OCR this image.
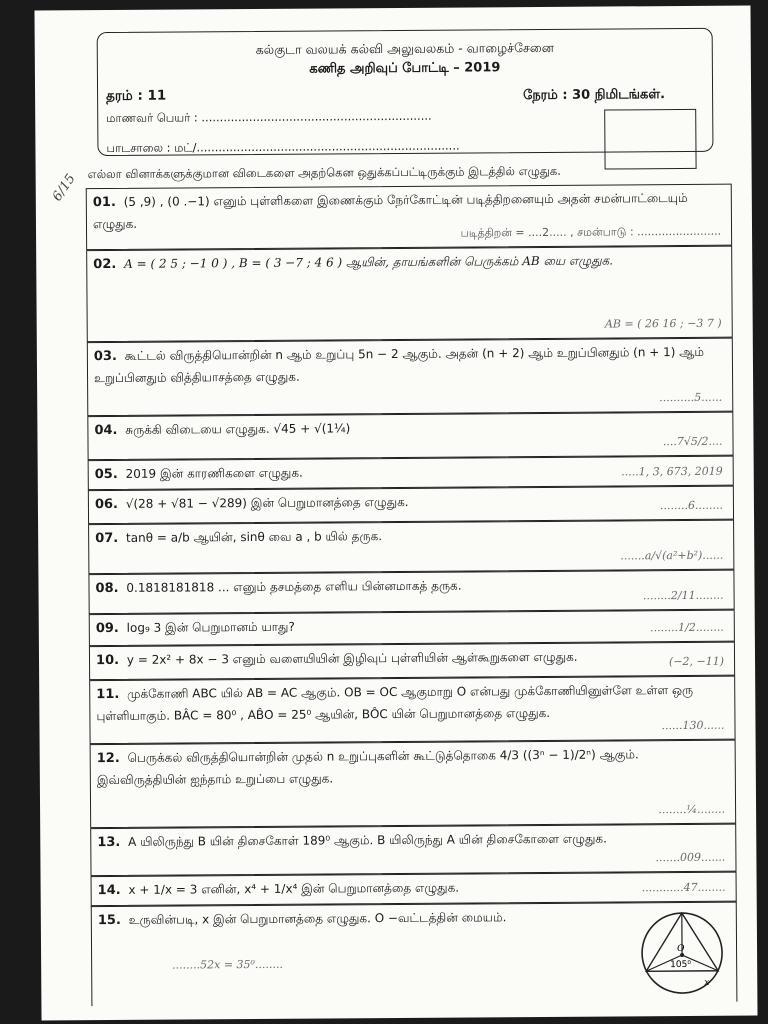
கல்குடா வலயக் கல்வி அலுவலகம் - வாழைச்சேனை
கணித அறிவுப் போட்டி – 2019
தரம் : 11	நேரம் : 30 நிமிடங்கள்.
மாணவர் பெயர் : ...............................................................
பாடசாலை : மட்/........................................................................
6/15 எல்லா வினாக்களுக்குமான விடைகளை அதற்கென ஒதுக்கப்பட்டிருக்கும் இடத்தில் எழுதுக.
01. (5 ,9) , (0 .−1) எனும் புள்ளிகளை இணைக்கும் நேர்கோட்டின் படித்திறனையும் அதன் சமன்பாட்டையும் எழுதுக.
படித்திறன் = ....2..... , சமன்பாடு : ........................
02. A = ( 2 5 ; −1 0 ) , B = ( 3 −7 ; 4 6 ) ஆயின், தாயங்களின் பெருக்கம் AB யை எழுதுக.
AB = ( 26 16 ; −3 7 )
03. கூட்டல் விருத்தியொன்றின் n ஆம் உறுப்பு 5n − 2 ஆகும். அதன் (n + 2) ஆம் உறுப்பினதும் (n + 1) ஆம் உறுப்பினதும் வித்தியாசத்தை எழுதுக.
..........5......
04. சுருக்கி விடையை எழுதுக. √45 + √(1¼)
....7√5/2....
05. 2019 இன் காரணிகளை எழுதுக.	.....1, 3, 673, 2019
06. √(28 + √81 − √289) இன் பெறுமானத்தை எழுதுக.	........6........
07. tanθ = a/b ஆயின், sinθ வை a , b யில் தருக.
.......a/√(a²+b²)......
08. 0.1818181818 ... எனும் தசமத்தை எளிய பின்னமாகத் தருக.
........2/11........
09. log₉ 3 இன் பெறுமானம் யாது?	........1/2........
10. y = 2x² + 8x − 3 எனும் வளையியின் இழிவுப் புள்ளியின் ஆள்கூறுகளை எழுதுக.	(−2, −11)
11. முக்கோணி ABC யில் AB = AC ஆகும். OB = OC ஆகுமாறு O என்பது முக்கோணியினுள்ளே உள்ள ஒரு புள்ளியாகும். BÂC = 80⁰ , AB̂O = 25⁰ ஆயின், BÔC யின் பெறுமானத்தை எழுதுக.
......130......
12. பெருக்கல் விருத்தியொன்றின் முதல் n உறுப்புகளின் கூட்டுத்தொகை 4/3 ((3ⁿ − 1)/2ⁿ) ஆகும். இவ்விருத்தியின் ஐந்தாம் உறுப்பை எழுதுக.
........¼........
13. A யிலிருந்து B யின் திசைகோள் 189⁰ ஆகும். B யிலிருந்து A யின் திசைகோளை எழுதுக.
.......009.......
14. x + 1/x = 3 எனின், x⁴ + 1/x⁴ இன் பெறுமானத்தை எழுதுக.	............47........
15. உருவின்படி, x இன் பெறுமானத்தை எழுதுக. O −வட்டத்தின் மையம்.
........52x = 35⁰........
O
105⁰
x
